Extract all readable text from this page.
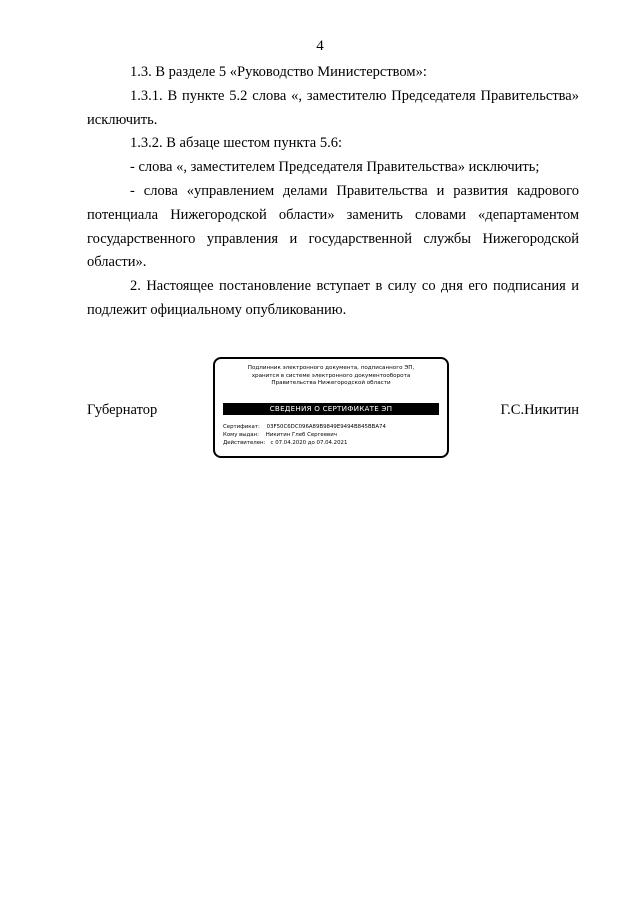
4

1.3. В разделе 5 «Руководство Министерством»:

1.3.1. В пункте 5.2 слова «, заместителю Председателя Правительства» исключить.

1.3.2. В абзаце шестом пункта 5.6:

- слова «, заместителем Председателя Правительства» исключить;

- слова «управлением делами Правительства и развития кадрового потенциала Нижегородской области» заменить словами «департаментом государственного управления и государственной службы Нижегородской области».

2. Настоящее постановление вступает в силу со дня его подписания и подлежит официальному опубликованию.

Губернатор	Г.С.Никитин
Подлинник электронного документа, подписанного ЭП,
хранится в системе электронного документооборота
Правительства Нижегородской области
СВЕДЕНИЯ О СЕРТИФИКАТЕ ЭП
Сертификат: 03F50C6DC096A89B9849E9494B845BBA74
Кому выдан: Никитин Глеб Сергеевич
Действителен: с 07.04.2020 до 07.04.2021
